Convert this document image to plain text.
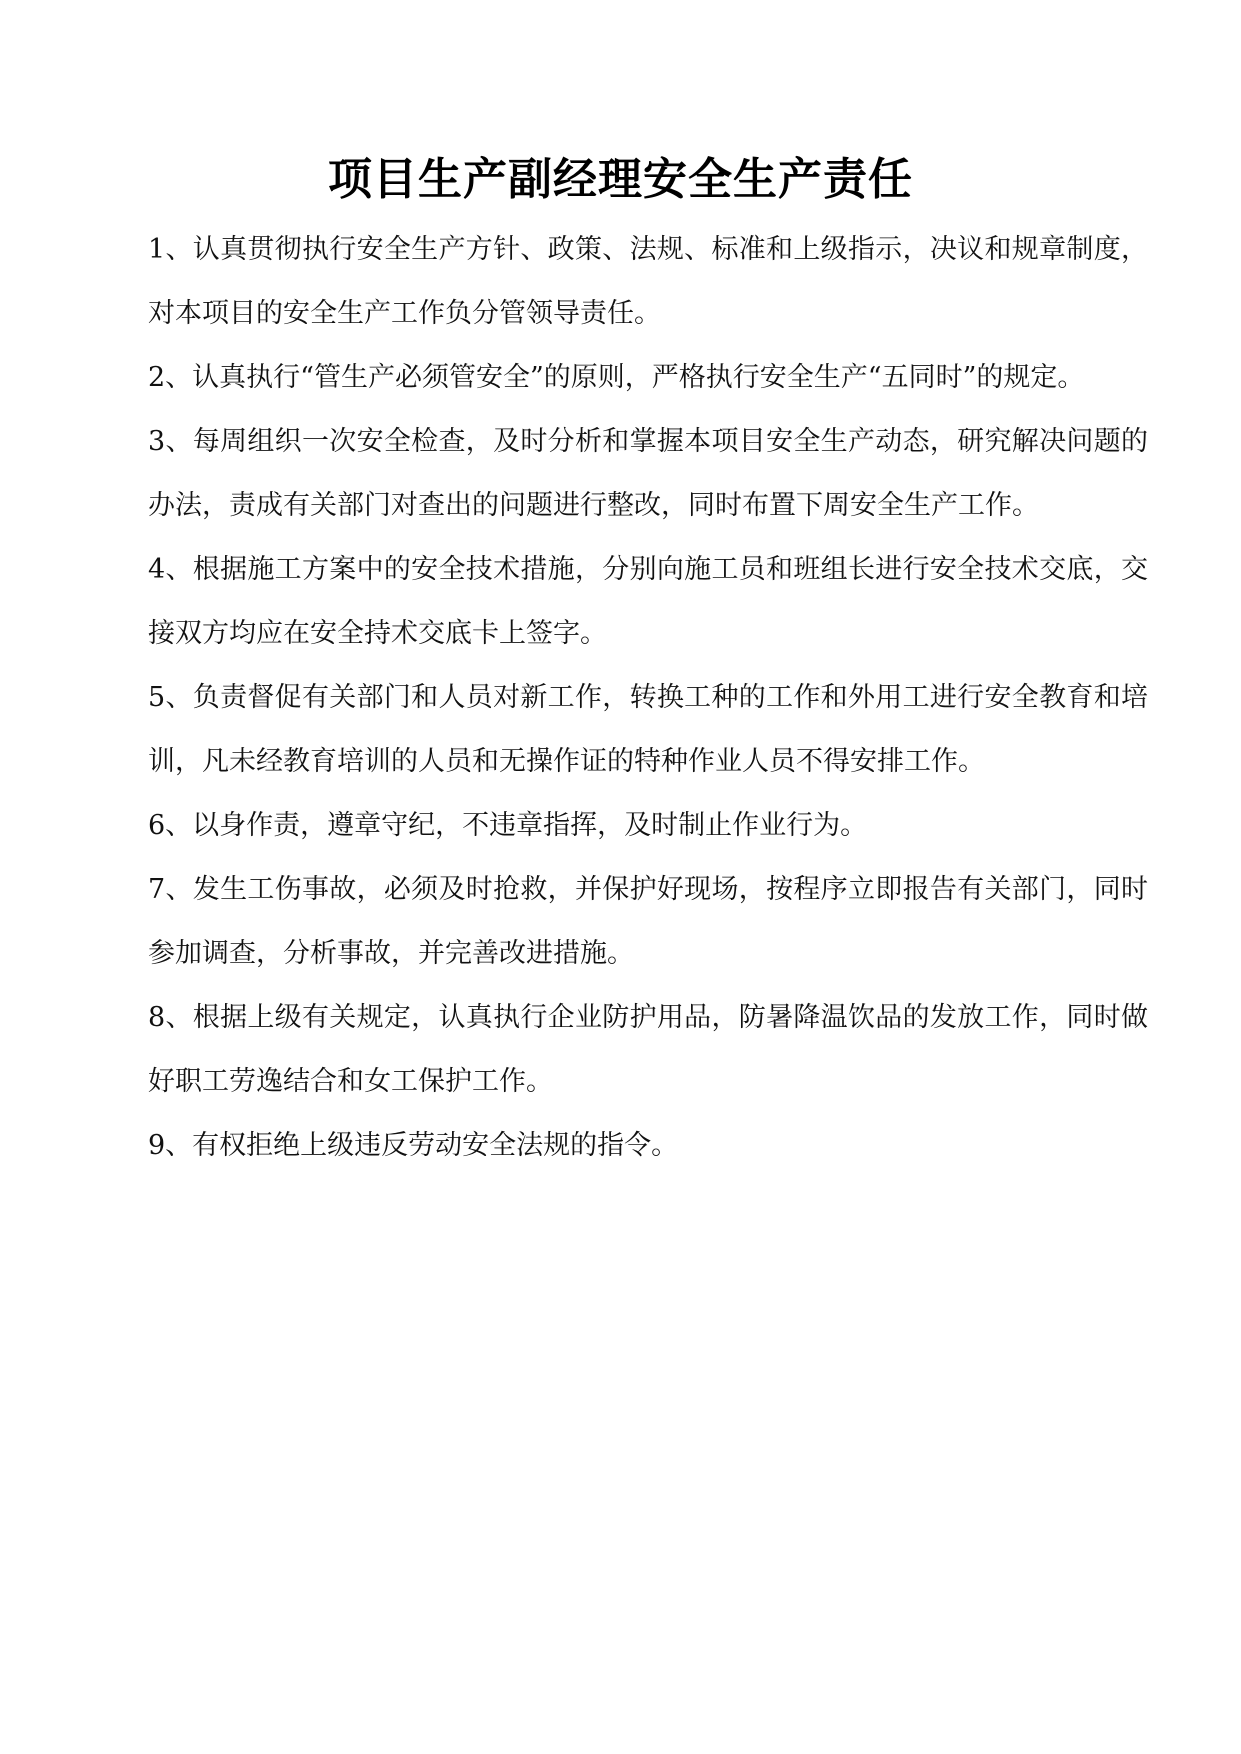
项目生产副经理安全生产责任
1、认真贯彻执行安全生产方针、政策、法规、标准和上级指示，决议和规章制度，对本项目的安全生产工作负分管领导责任。
2、认真执行“管生产必须管安全”的原则，严格执行安全生产“五同时”的规定。
3、每周组织一次安全检查，及时分析和掌握本项目安全生产动态，研究解决问题的办法，责成有关部门对查出的问题进行整改，同时布置下周安全生产工作。
4、根据施工方案中的安全技术措施，分别向施工员和班组长进行安全技术交底，交接双方均应在安全持术交底卡上签字。
5、负责督促有关部门和人员对新工作，转换工种的工作和外用工进行安全教育和培训，凡未经教育培训的人员和无操作证的特种作业人员不得安排工作。
6、以身作责，遵章守纪，不违章指挥，及时制止作业行为。
7、发生工伤事故，必须及时抢救，并保护好现场，按程序立即报告有关部门，同时参加调查，分析事故，并完善改进措施。
8、根据上级有关规定，认真执行企业防护用品，防暑降温饮品的发放工作，同时做好职工劳逸结合和女工保护工作。
9、有权拒绝上级违反劳动安全法规的指令。
